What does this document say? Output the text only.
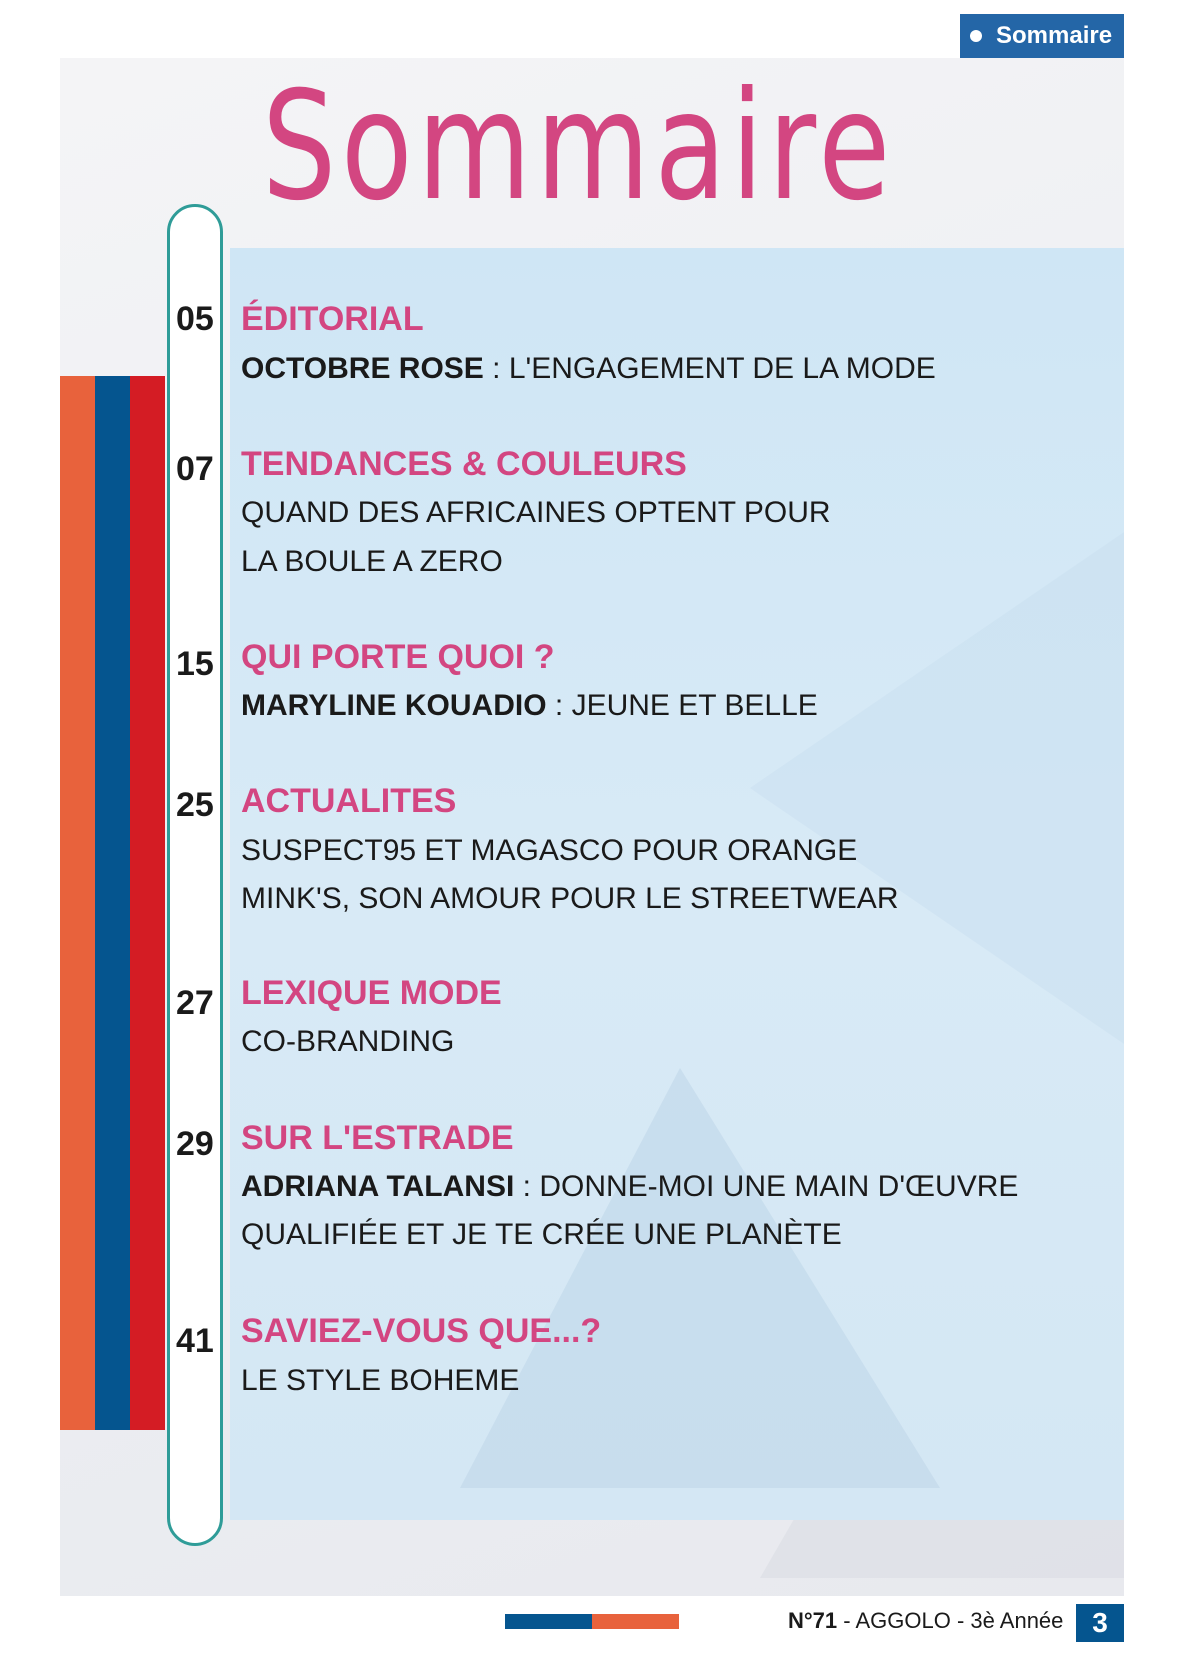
Sommaire
Sommaire
05 ÉDITORIAL
OCTOBRE ROSE : L'ENGAGEMENT DE LA MODE
07 TENDANCES & COULEURS
QUAND DES AFRICAINES OPTENT POUR
LA BOULE A ZERO
15 QUI PORTE QUOI ?
MARYLINE KOUADIO : JEUNE ET BELLE
25 ACTUALITES
SUSPECT95 ET MAGASCO POUR ORANGE
MINK'S, SON AMOUR POUR LE STREETWEAR
27 LEXIQUE MODE
CO-BRANDING
29 SUR L'ESTRADE
ADRIANA TALANSI : DONNE-MOI UNE MAIN D'ŒUVRE
QUALIFIÉE ET JE TE CRÉE UNE PLANÈTE
41 SAVIEZ-VOUS QUE...?
LE STYLE BOHEME
N°71 - AGGOLO - 3è Année	3
